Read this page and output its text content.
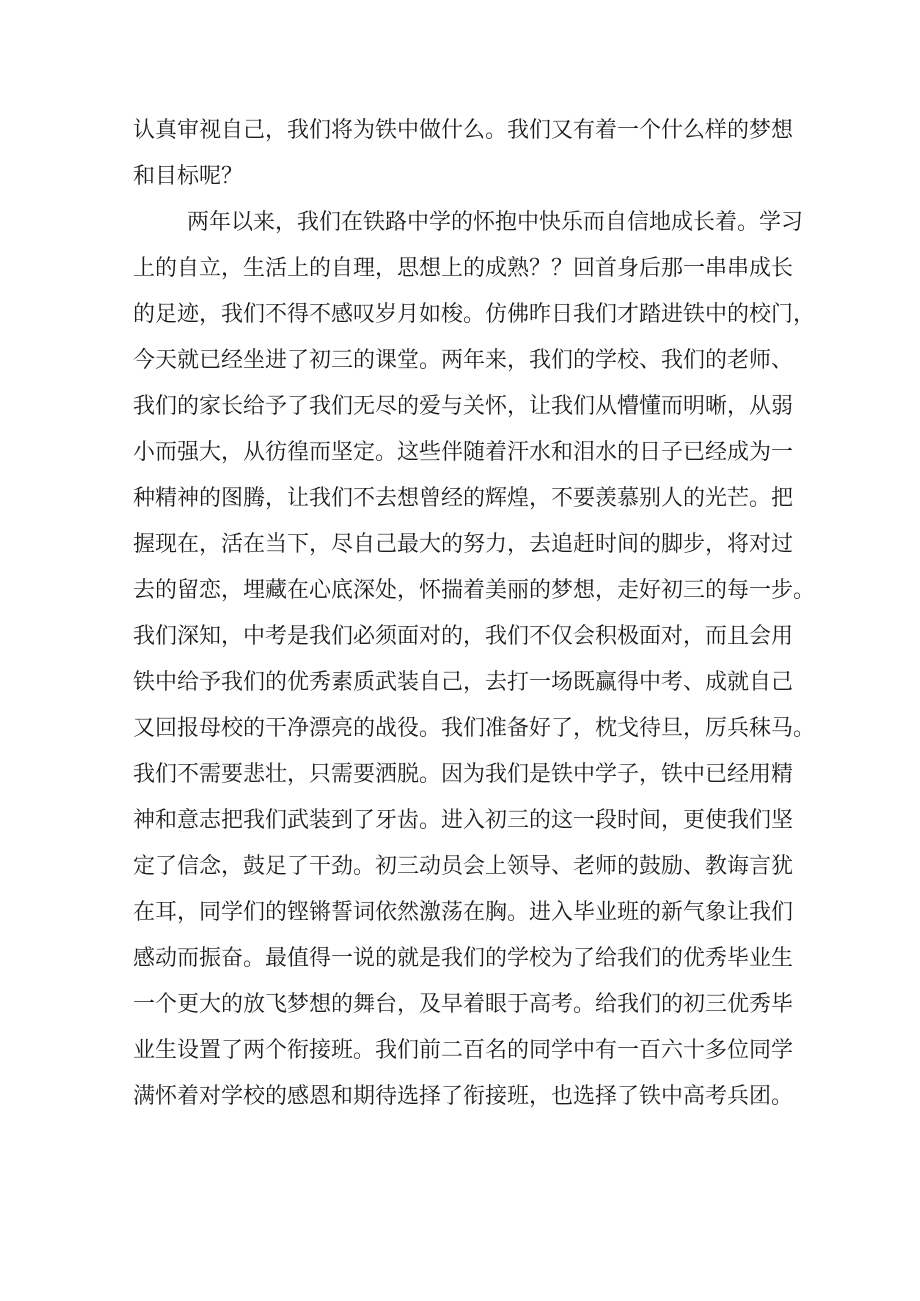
认真审视自己，我们将为铁中做什么。我们又有着一个什么样的梦想
和目标呢？
两年以来，我们在铁路中学的怀抱中快乐而自信地成长着。学习
上的自立，生活上的自理，思想上的成熟？？回首身后那一串串成长
的足迹，我们不得不感叹岁月如梭。仿佛昨日我们才踏进铁中的校门，
今天就已经坐进了初三的课堂。两年来，我们的学校、我们的老师、
我们的家长给予了我们无尽的爱与关怀，让我们从懵懂而明晰，从弱
小而强大，从彷徨而坚定。这些伴随着汗水和泪水的日子已经成为一
种精神的图腾，让我们不去想曾经的辉煌，不要羡慕别人的光芒。把
握现在，活在当下，尽自己最大的努力，去追赶时间的脚步，将对过
去的留恋，埋藏在心底深处，怀揣着美丽的梦想，走好初三的每一步。
我们深知，中考是我们必须面对的，我们不仅会积极面对，而且会用
铁中给予我们的优秀素质武装自己，去打一场既赢得中考、成就自己
又回报母校的干净漂亮的战役。我们准备好了，枕戈待旦，厉兵秣马。
我们不需要悲壮，只需要洒脱。因为我们是铁中学子，铁中已经用精
神和意志把我们武装到了牙齿。进入初三的这一段时间，更使我们坚
定了信念，鼓足了干劲。初三动员会上领导、老师的鼓励、教诲言犹
在耳，同学们的铿锵誓词依然激荡在胸。进入毕业班的新气象让我们
感动而振奋。最值得一说的就是我们的学校为了给我们的优秀毕业生
一个更大的放飞梦想的舞台，及早着眼于高考。给我们的初三优秀毕
业生设置了两个衔接班。我们前二百名的同学中有一百六十多位同学
满怀着对学校的感恩和期待选择了衔接班，也选择了铁中高考兵团。
